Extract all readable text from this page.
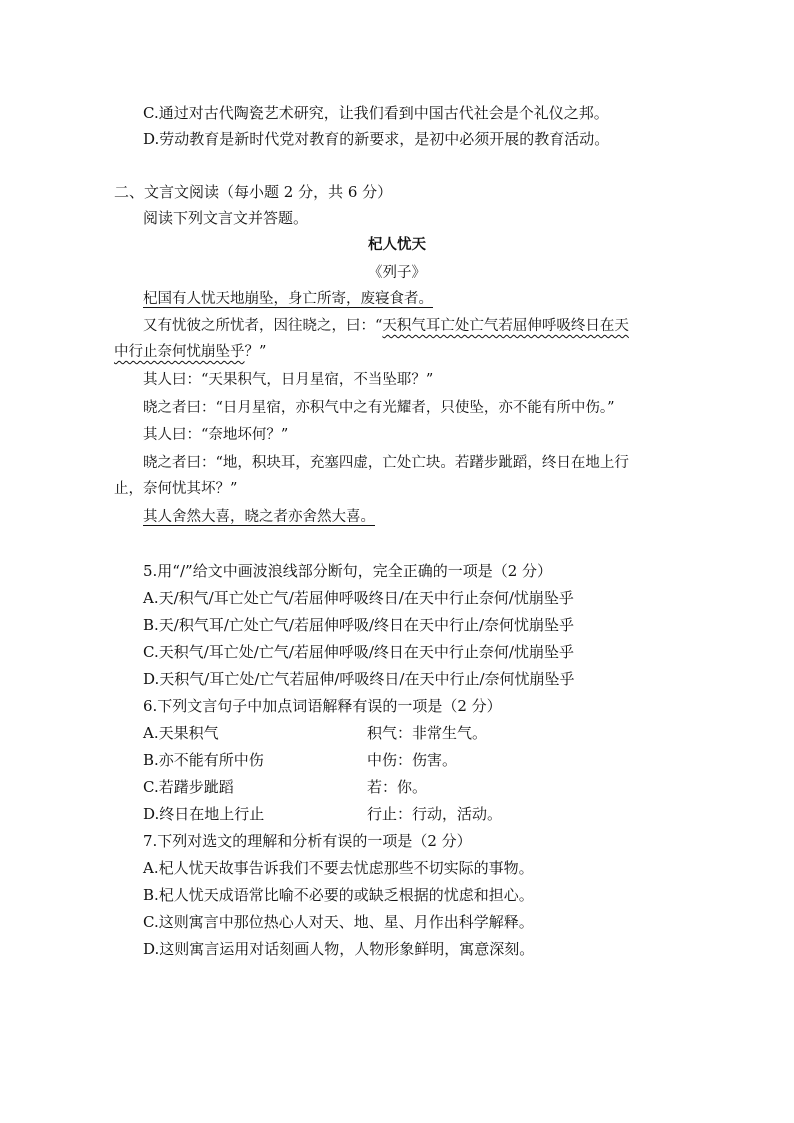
C.通过对古代陶瓷艺术研究，让我们看到中国古代社会是个礼仪之邦。
D.劳动教育是新时代党对教育的新要求，是初中必须开展的教育活动。
二、文言文阅读（每小题 2 分，共 6 分）
阅读下列文言文并答题。
杞人忧天
《列子》
杞国有人忧天地崩坠，身亡所寄，废寝食者。
又有忧彼之所忧者，因往晓之，曰：“天积气耳亡处亡气若屈伸呼吸终日在天
中行止奈何忧崩坠乎？”
其人曰：“天果积气，日月星宿，不当坠耶？”
晓之者曰：“日月星宿，亦积气中之有光耀者，只使坠，亦不能有所中伤。”
其人曰：“奈地坏何？”
晓之者曰：“地，积块耳，充塞四虚，亡处亡块。若躇步跐蹈，终日在地上行
止，奈何忧其坏？”
其人舍然大喜，晓之者亦舍然大喜。
5.用“/”给文中画波浪线部分断句，完全正确的一项是（2 分）
A.天/积气/耳亡处亡气/若屈伸呼吸终日/在天中行止奈何/忧崩坠乎
B.天/积气耳/亡处亡气/若屈伸呼吸/终日在天中行止/奈何忧崩坠乎
C.天积气/耳亡处/亡气/若屈伸呼吸/终日在天中行止奈何/忧崩坠乎
D.天积气/耳亡处/亡气若屈伸/呼吸终日/在天中行止/奈何忧崩坠乎
6.下列文言句子中加点词语解释有误的一项是（2 分）
A.天果积气	积气：非常生气。
B.亦不能有所中伤	中伤：伤害。
C.若躇步跐蹈	若：你。
D.终日在地上行止	行止：行动，活动。
7.下列对选文的理解和分析有误的一项是（2 分）
A.杞人忧天故事告诉我们不要去忧虑那些不切实际的事物。
B.杞人忧天成语常比喻不必要的或缺乏根据的忧虑和担心。
C.这则寓言中那位热心人对天、地、星、月作出科学解释。
D.这则寓言运用对话刻画人物，人物形象鲜明，寓意深刻。
